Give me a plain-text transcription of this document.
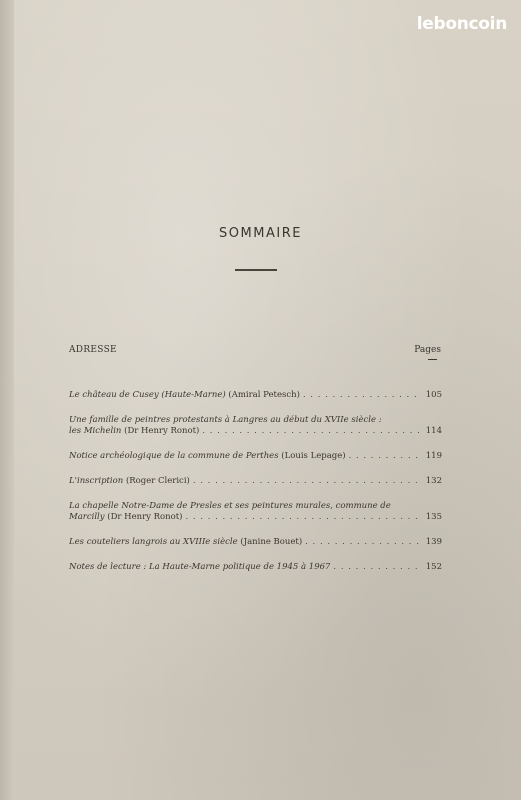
leboncoin
SOMMAIRE
ADRESSE	Pages
Le château de Cusey (Haute-Marne) (Amiral Petesch) . . .	105
Une famille de peintres protestants à Langres au début du XVIIe siècle :
les Michelin (Dr Henry Ronot) . . .	114
Notice archéologique de la commune de Perthes (Louis Lepage) . . .	119
L'inscription (Roger Clerici) . . .	132
La chapelle Notre-Dame de Presles et ses peintures murales, commune de
Marcilly (Dr Henry Ronot) . . .	135
Les couteliers langrois au XVIIIe siècle (Janine Bouet) . . .	139
Notes de lecture : La Haute-Marne politique de 1945 à 1967 . . .	152
